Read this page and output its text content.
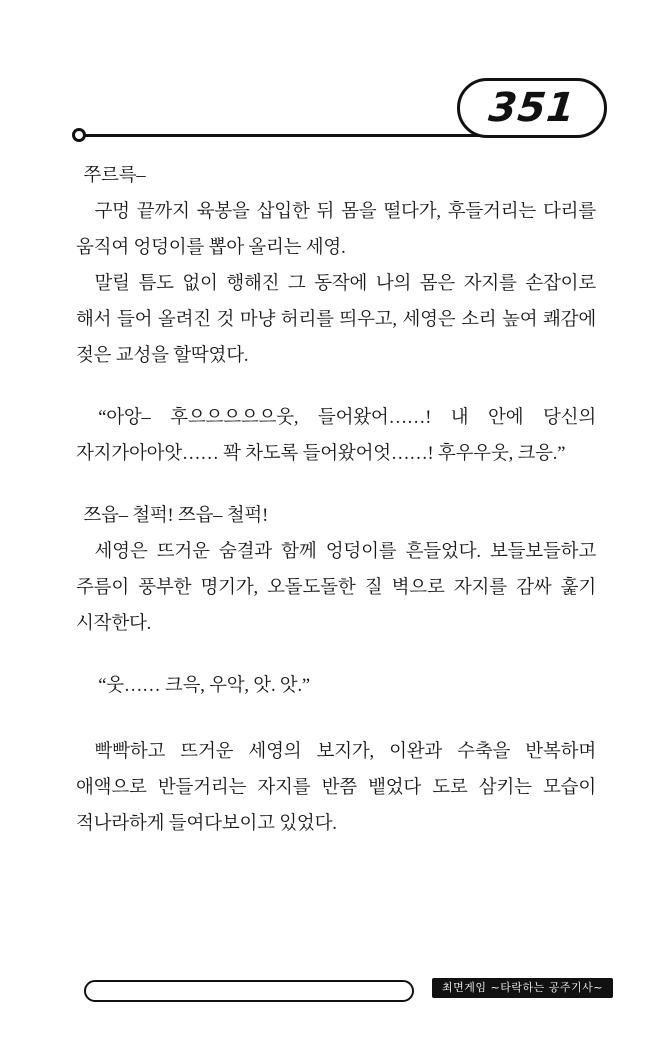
351

쭈르륵–

구멍 끝까지 육봉을 삽입한 뒤 몸을 떨다가, 후들거리는 다리를 움직여 엉덩이를 뽑아 올리는 세영.

말릴 틈도 없이 행해진 그 동작에 나의 몸은 자지를 손잡이로 해서 들어 올려진 것 마냥 허리를 띄우고, 세영은 소리 높여 쾌감에 젖은 교성을 할딱였다.

“아앙– 후으으으으으웃, 들어왔어……! 내 안에 당신의 자지가아아앗…… 꽉 차도록 들어왔어엇……! 후우우웃, 크응.”

쯔읍– 철퍽! 쯔읍– 철퍽!

세영은 뜨거운 숨결과 함께 엉덩이를 흔들었다. 보들보들하고 주름이 풍부한 명기가, 오돌도돌한 질 벽으로 자지를 감싸 훑기 시작한다.

“웃…… 크윽, 우악, 앗. 앗.”

빡빡하고 뜨거운 세영의 보지가, 이완과 수축을 반복하며 애액으로 반들거리는 자지를 반쯤 뱉었다 도로 삼키는 모습이 적나라하게 들여다보이고 있었다.

최면게임 ~타락하는 공주기사~
